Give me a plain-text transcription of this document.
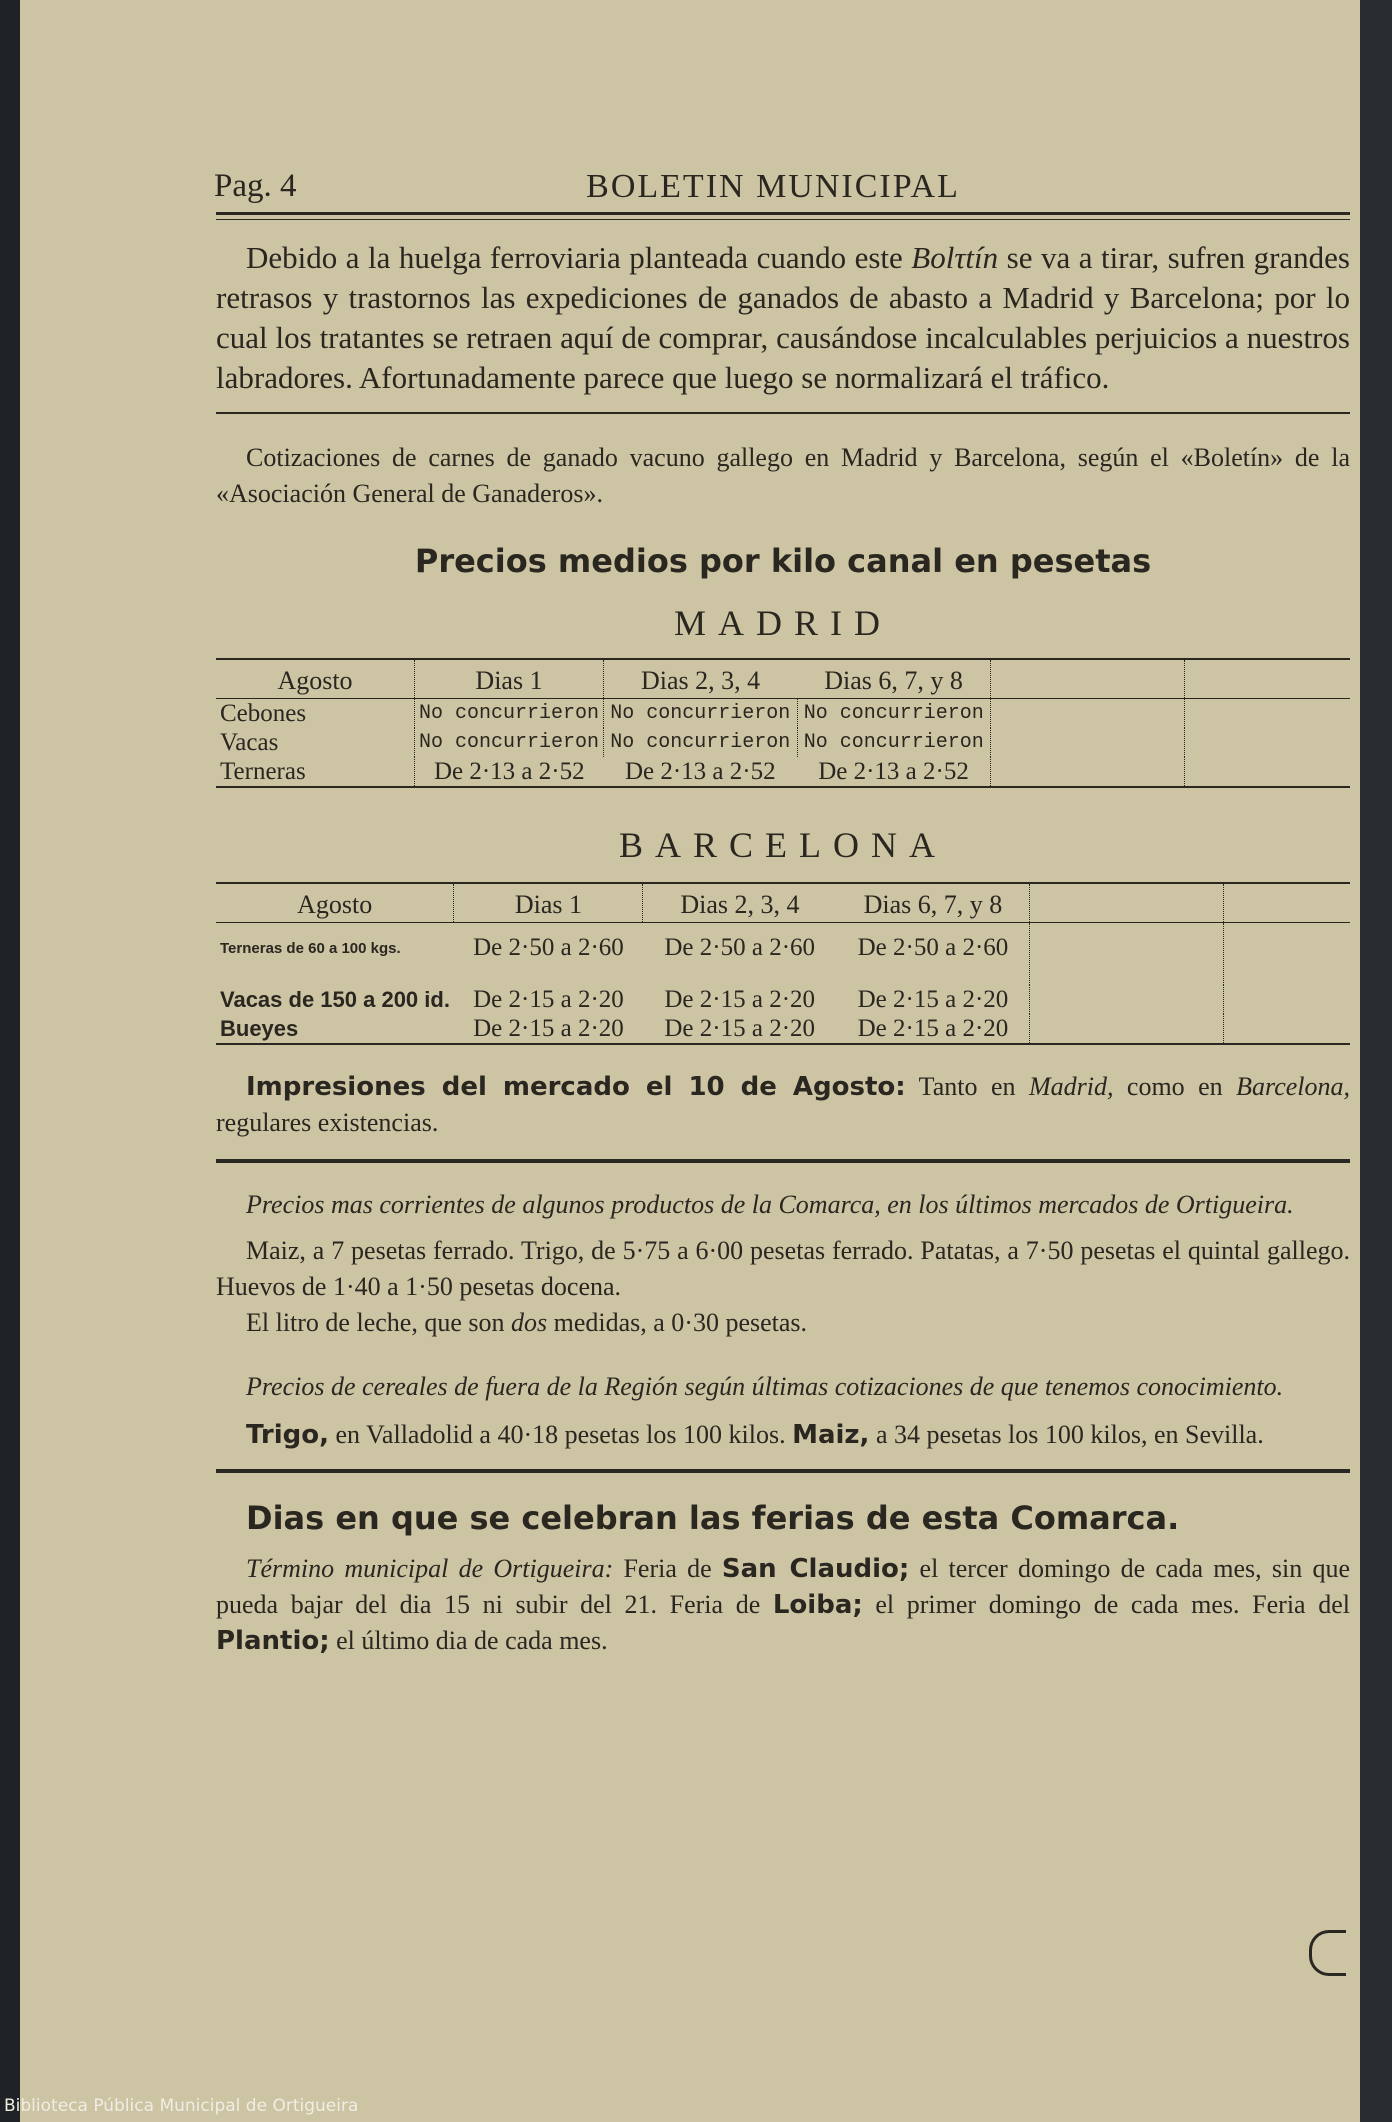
Pag. 4	BOLETIN MUNICIPAL

Debido a la huelga ferroviaria planteada cuando este Bolτtín se va a tirar, sufren grandes retrasos y trastornos las expediciones de ganados de abasto a Madrid y Barcelona; por lo cual los tratantes se retraen aquí de comprar, causándose incalculables perjuicios a nuestros labradores. Afortunadamente parece que luego se normalizará el tráfico.

Cotizaciones de carnes de ganado vacuno gallego en Madrid y Barcelona, según el «Boletín» de la «Asociación General de Ganaderos».

Precios medios por kilo canal en pesetas
MADRID
Agosto	Dias 1	Dias 2, 3, 4	Dias 6, 7, y 8		
Cebones	No concurrieron	No concurrieron	No concurrieron		
Vacas	No concurrieron	No concurrieron	No concurrieron		
Terneras	De 2·13 a 2·52	De 2·13 a 2·52	De 2·13 a 2·52		
BARCELONA
Agosto	Dias 1	Dias 2, 3, 4	Dias 6, 7, y 8		
Terneras de 60 a 100 kgs.	De 2·50 a 2·60	De 2·50 a 2·60	De 2·50 a 2·60		
Vacas de 150 a 200 id.	De 2·15 a 2·20	De 2·15 a 2·20	De 2·15 a 2·20		
Bueyes	De 2·15 a 2·20	De 2·15 a 2·20	De 2·15 a 2·20		

Impresiones del mercado el 10 de Agosto: Tanto en Madrid, como en Barcelona, regulares existencias.

Precios mas corrientes de algunos productos de la Comarca, en los últimos mercados de Ortigueira.

Maiz, a 7 pesetas ferrado. Trigo, de 5·75 a 6·00 pesetas ferrado. Patatas, a 7·50 pesetas el quintal gallego. Huevos de 1·40 a 1·50 pesetas docena.

El litro de leche, que son dos medidas, a 0·30 pesetas.

Precios de cereales de fuera de la Región según últimas cotizaciones de que tenemos conocimiento.

Trigo, en Valladolid a 40·18 pesetas los 100 kilos. Maiz, a 34 pesetas los 100 kilos, en Sevilla.

Dias en que se celebran las ferias de esta Comarca.

Término municipal de Ortigueira: Feria de San Claudio; el tercer domingo de cada mes, sin que pueda bajar del dia 15 ni subir del 21. Feria de Loiba; el primer domingo de cada mes. Feria del Plantio; el último dia de cada mes.

Biblioteca Pública Municipal de Ortigueira
